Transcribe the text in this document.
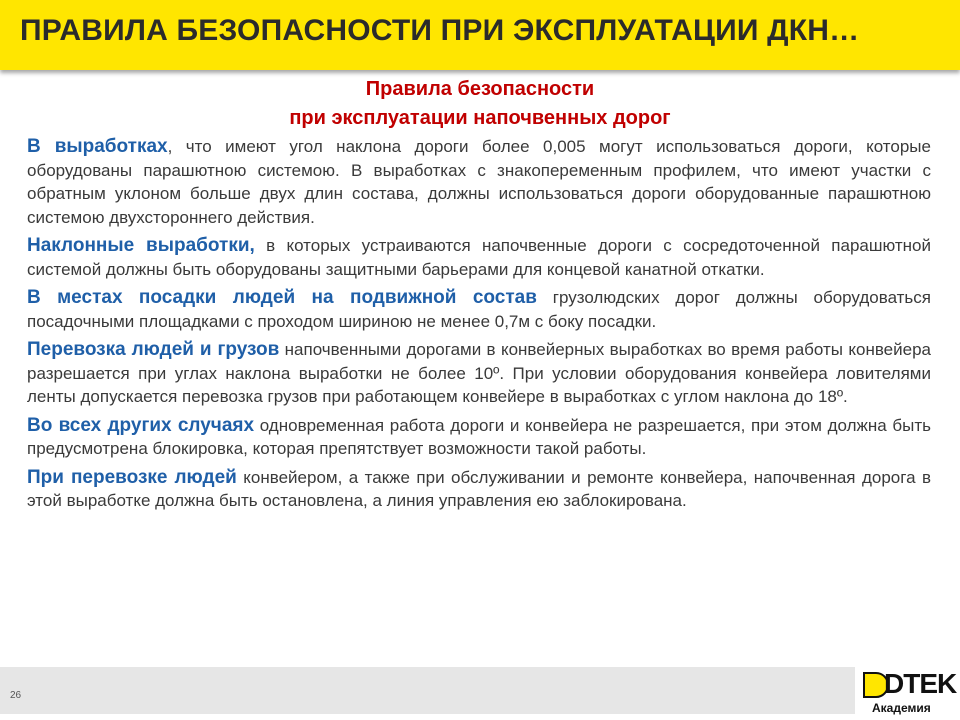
ПРАВИЛА БЕЗОПАСНОСТИ ПРИ ЭКСПЛУАТАЦИИ ДКН…
Правила безопасности
при эксплуатации напочвенных дорог

В выработках, что имеют угол наклона дороги более 0,005 могут использоваться дороги, которые оборудованы парашютною системою. В выработках с знакопеременным профилем, что имеют участки с обратным уклоном больше двух длин состава, должны использоваться дороги оборудованные парашютною системою двухстороннего действия.

Наклонные выработки, в которых устраиваются напочвенные дороги с сосредоточенной парашютной системой должны быть оборудованы защитными барьерами для концевой канатной откатки.

В местах посадки людей на подвижной состав грузолюдских дорог должны оборудоваться посадочными площадками с проходом шириною не менее 0,7м с боку посадки.

Перевозка людей и грузов напочвенными дорогами в конвейерных выработках во время работы конвейера разрешается при углах наклона выработки не более 10º. При условии оборудования конвейера ловителями ленты допускается перевозка грузов при работающем конвейере в выработках с углом наклона до 18º.

Во всех других случаях одновременная работа дороги и конвейера не разрешается, при этом должна быть предусмотрена блокировка, которая препятствует возможности такой работы.

При перевозке людей конвейером, а также при обслуживании и ремонте конвейера, напочвенная дорога в этой выработке должна быть остановлена, а линия управления ею заблокирована.

26	DTEK
Академия
